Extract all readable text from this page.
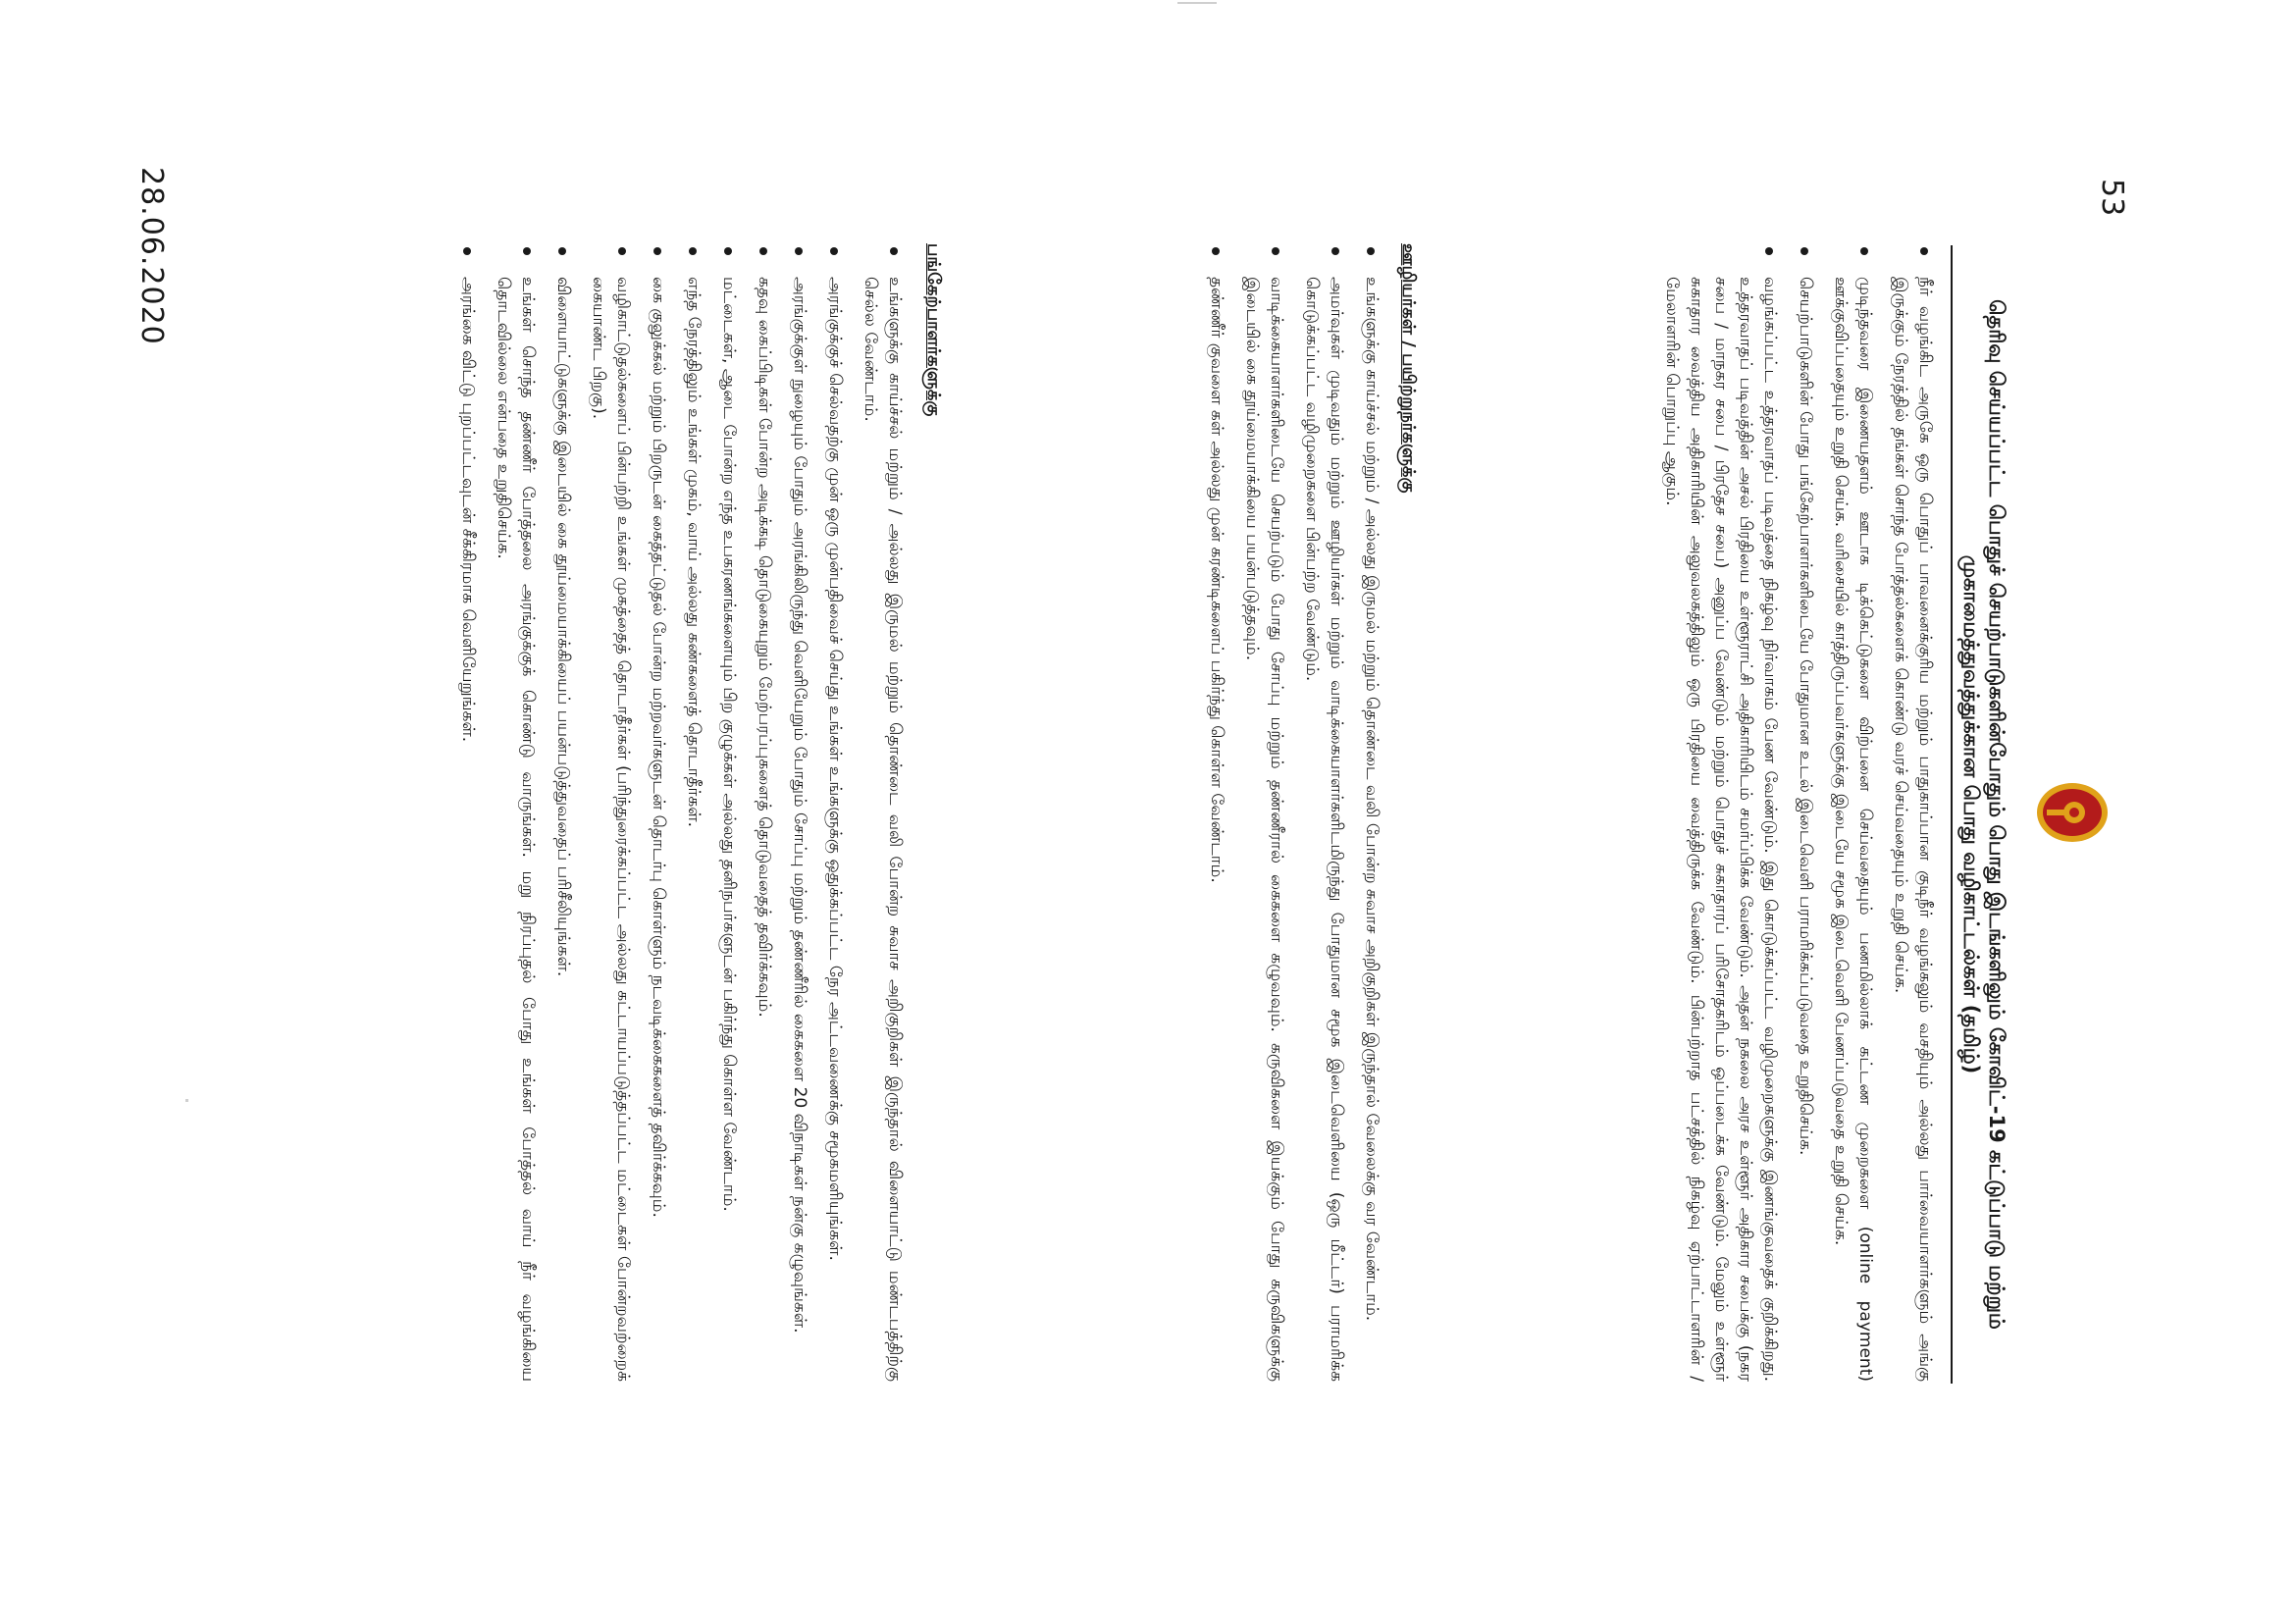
53
தெரிவு செய்யப்பட்ட பொதுச் செயற்பாடுகளின்போதும் பொது இடங்களிலும் கோவிட்-19 கட்டுப்பாடு மற்றும் முகாமைத்துவத்துக்கான பொது வழிகாட்டல்கள் (தமிழ்)
நீர் வழங்கிட அருகே ஒரு பொதுப் பாவனைக்குரிய மற்றும் பாதுகாப்பான குடிநீர் வழங்கலும் வசதியும் அல்லது பார்வையாளர்களும் அங்கு இருக்கும் நேரத்தில் தங்கள் சொந்த போத்தல்களைக் கொண்டு வரச் செய்வதையும் உறுதி செய்க.
முடிந்தவரை இணையதளம் ஊடாக டிக்கெட்டுகளை விற்பனை செய்வதையும் பணமில்லாக் கட்டண முறைகளை (online payment) ஊக்குவிப்பதையும் உறுதி செய்க. வரிசையில் காத்திருப்பவர்களுக்கு இடையே சமூக இடைவெளி பேணப்படுவதை உறுதி செய்க.
செயற்பாடுகளின் போது பங்கேற்பாளர்களிடையே போதுமான உடல் இடைவெளி பராமரிக்கப்படுவதை உறுதிசெய்க.
வழங்கப்பட்ட உத்தரவாதப் படிவத்தை நிகழ்வு நிர்வாகம் பேண வேண்டும். இது கொடுக்கப்பட்ட வழிமுறைகளுக்கு இணங்குவதைக் குறிக்கிறது. உத்தரவாதப் படிவத்தின் அசல் பிரதியை உள்ளூராட்சி அதிகாரியிடம் சமர்ப்பிக்க வேண்டும். அதன் நகலை அரச உள்ளூர் அதிகார சபைக்கு (நகர சபை / மாநகர சபை / பிரதேச சபை) அனுப்ப வேண்டும் மற்றும் பொதுச் சுகாதாரப் பரிசோதகரிடம் ஒப்படைக்க வேண்டும். மேலும் உள்ளூர் சுகாதார வைத்திய அதிகாரியின் அலுவலகத்திலும் ஒரு பிரதியை வைத்திருக்க வேண்டும். பின்பற்றாத பட்சத்தில் நிகழ்வு ஏற்பாட்டாளரின் / மேலாளரின் பொறுப்பு ஆகும்.
ஊழியர்கள் / பயிற்றுநர்களுக்கு
உங்களுக்கு காய்ச்சல் மற்றும் / அல்லது இருமல் மற்றும் தொண்டை வலி போன்ற சுவாச அறிகுறிகள் இருந்தால் வேலைக்கு வர வேண்டாம்.
அமர்வுகள் முடிவதும் மற்றும் ஊழியர்கள் மற்றும் வாடிக்கையாளர்களிடமிருந்து போதுமான சமூக இடைவெளியை (ஒரு மீட்டர்) பராமரிக்க கொடுக்கப்பட்ட வழிமுறைகளை பின்பற்ற வேண்டும்.
வாடிக்கையாளர்களிடையே செயற்படும் போது சோப்பு மற்றும் தண்ணீரால் கைகளை கழுவவும். கருவிகளை இயக்கும் போது கருவிகளுக்கு இடையில் கை தூய்மையாக்கியை பயன்படுத்தவும்.
தண்ணீர் குவளை கள் அல்லது முன் கரண்டிகளைப் பகிர்ந்து கொள்ள வேண்டாம்.
பங்கேற்பாளர்களுக்கு
உங்களுக்கு காய்ச்சல் மற்றும் / அல்லது இருமல் மற்றும் தொண்டை வலி போன்ற சுவாச அறிகுறிகள் இருந்தால் விளையாட்டு மண்டபத்திற்கு செல்ல வேண்டாம்.
அரங்குக்குச் செல்வதற்கு முன் ஒரு முன்பதிவைச் செய்து உங்கள் உங்களுக்கு ஒதுக்கப்பட்ட நேர அட்டவணைக்கு சமூகமளியுங்கள்.
அரங்குக்குள் நுழையும் போதும் அரங்கிலிருந்து வெளியேறும் போதும் சோப்பு மற்றும் தண்ணீரில் கைகளை 20 விநாடிகள் நன்கு கழுவுங்கள்.
கதவு கைப்பிடிகள் போன்ற அடிக்கடி தொடுகையுறும் மேற்பரப்புகளைத் தொடுவதைத் தவிர்க்கவும்.
மட்டைகள், ஆடை போன்ற எந்த உபகரணங்களையும் பிற குழுக்கள் அல்லது தனிநபர்களுடன் பகிர்ந்து கொள்ள வேண்டாம்.
எந்த நேரத்திலும் உங்கள் முகம், வாய் அல்லது கண்களைத் தொடாதீர்கள்.
கை குலுக்கல் மற்றும் பிறருடன் கைத்தட்டுதல் போன்ற மற்றவர்களுடன் தொடர்பு கொள்ளும் நடவடிக்கைகளைத் தவிர்க்கவும்.
வழிகாட்டுதல்களைப் பின்பற்றி உங்கள் முகத்தைத் தொடாதீர்கள் (பரிந்துரைக்கப்பட்ட அல்லது கட்டாயப்படுத்தப்பட்ட மட்டைகள் போன்றவற்றைக் கையாண்ட பிறகு).
விளையாட்டுகளுக்கு இடையில் கை தூய்மையாக்கியைப் பயன்படுத்துவதைப் பரிசீலியுங்கள்.
உங்கள் சொந்த தண்ணீர் போத்தலை அரங்குக்குக் கொண்டு வாருங்கள். மறு நிரப்புதல் போது உங்கள் போத்தல் வாய் நீர் வழங்கியை தொடவில்லை என்பதை உறுதிசெய்க.
அரங்கை விட்டு புறப்பட்டவுடன் சீக்கிரமாக வெளியேறுங்கள்.
28.06.2020
